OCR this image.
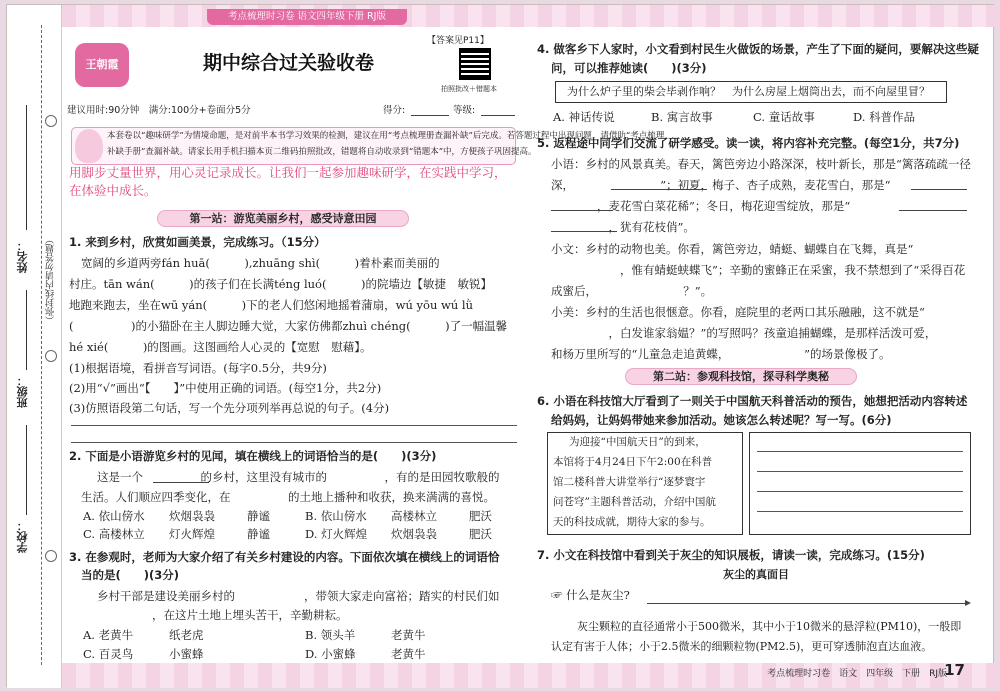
考点梳理时习卷 语文四年级下册 RJ版
考点梳理时习卷　语文　四年级　下册　RJ版
17
姓名：
班级：
学校：
（弥封线内请勿答题）
王朝霞
【答案见P11】
拍照批改＋错题本
期中综合过关验收卷
建议用时:90分钟　满分:100分+卷面分5分	得分:	等级:
本套卷以“趣味研学”为情境命题，是对前半本书学习效果的检测，建议在用“考点梳理册查漏补缺”后完成。若答题过程中出现问题，请借助“考点梳理
补缺手册”查漏补缺。请家长用手机扫描本页二维码拍照批改，错题将自动收录到“错题本”中，方便孩子巩固提高。
用脚步丈量世界，用心灵记录成长。让我们一起参加趣味研学，在实践中学习，
在体验中成长。
第一站：游览美丽乡村，感受诗意田园
1. 来到乡村，欣赏如画美景，完成练习。（15分）
宽阔的乡道两旁fán huā(　　　),zhuāng shì(　　　)着朴素而美丽的
村庄。tān wán(　　　)的孩子们在长满téng luó(　　　)的院墙边【敏捷　敏锐】
地跑来跑去，坐在wū yán(　　　)下的老人们悠闲地摇着蒲扇，wú yōu wú lǜ
(　　　　　)的小猫卧在主人脚边睡大觉，大家仿佛都zhuì chéng(　　　)了一幅温馨
hé xié(　　　)的图画。这图画给人心灵的【宽慰　慰藉】。
(1)根据语境，看拼音写词语。(每字0.5分，共9分)
(2)用“√”画出“【　　】”中使用正确的词语。(每空1分，共2分)
(3)仿照语段第二句话，写一个先分项列举再总说的句子。(4分)
2. 下面是小语游览乡村的见闻，填在横线上的词语恰当的是(　　)(3分)
这是一个　　　　　的乡村，这里没有城市的　　　　　，有的是田园牧歌般的
生活。人们顺应四季变化，在　　　　　的土地上播种和收获，换来满满的喜悦。
A. 依山傍水 炊烟袅袅	静谧	B. 依山傍水 高楼林立	肥沃
C. 高楼林立 灯火辉煌	静谧	D. 灯火辉煌 炊烟袅袅	肥沃
3. 在参观时，老师为大家介绍了有关乡村建设的内容。下面依次填在横线上的词语恰
当的是(　　)(3分)
乡村干部是建设美丽乡村的　　　　　　，带领大家走向富裕；踏实的村民们如
　　　　　　，在这片土地上埋头苦干，辛勤耕耘。
A. 老黄牛	纸老虎	B. 领头羊	老黄牛
C. 百灵鸟	小蜜蜂	D. 小蜜蜂	老黄牛
4. 做客乡下人家时，小文看到村民生火做饭的场景，产生了下面的疑问，要解决这些疑
问，可以推荐她读(　　)(3分)
为什么炉子里的柴会毕剥作响？　为什么房屋上烟筒出去，而不向屋里冒？
A. 神话传说	B. 寓言故事	C. 童话故事	D. 科普作品
5. 返程途中同学们交流了研学感受。读一读，将内容补充完整。(每空1分，共7分)
小语：乡村的风景真美。春天，篱笆旁边小路深深，枝叶新长，那是“篱落疏疏一径
深，　　　　　　　　”；初夏，梅子、杏子成熟，麦花雪白，那是“
　　　　，麦花雪白菜花稀”；冬日，梅花迎雪绽放，那是“
　　　　　，犹有花枝俏”。
小文：乡村的动物也美。你看，篱笆旁边，蜻蜓、蝴蝶自在飞舞，真是“
　　　　　　，惟有蜻蜓蛱蝶飞”；辛勤的蜜蜂正在采蜜，我不禁想到了“采得百花
成蜜后，　　　　　　　　？”。
小美：乡村的生活也很惬意。你看，庭院里的老两口其乐融融，这不就是“
　　　　　，白发谁家翁媪？”的写照吗？孩童追捕蝴蝶，是那样活泼可爱，
和杨万里所写的“儿童急走追黄蝶，　　　　　　　”的场景像极了。
第二站：参观科技馆，探寻科学奥秘
6. 小语在科技馆大厅看到了一则关于中国航天科普活动的预告，她想把活动内容转述
给妈妈，让妈妈带她来参加活动。她该怎么转述呢？写一写。(6分)
为迎接“中国航天日”的到来，
本馆将于4月24日下午2:00在科普
馆二楼科普大讲堂举行“逐梦寰宇
问苍穹”主题科普活动，介绍中国航
天的科技成就，期待大家的参与。
7. 小文在科技馆中看到关于灰尘的知识展板，请读一读，完成练习。(15分)
灰尘的真面目
☞ 什么是灰尘?
灰尘颗粒的直径通常小于500微米，其中小于10微米的悬浮粒(PM10)，一般即
认定有害于人体；小于2.5微米的细颗粒物(PM2.5)，更可穿透肺泡直达血液。
